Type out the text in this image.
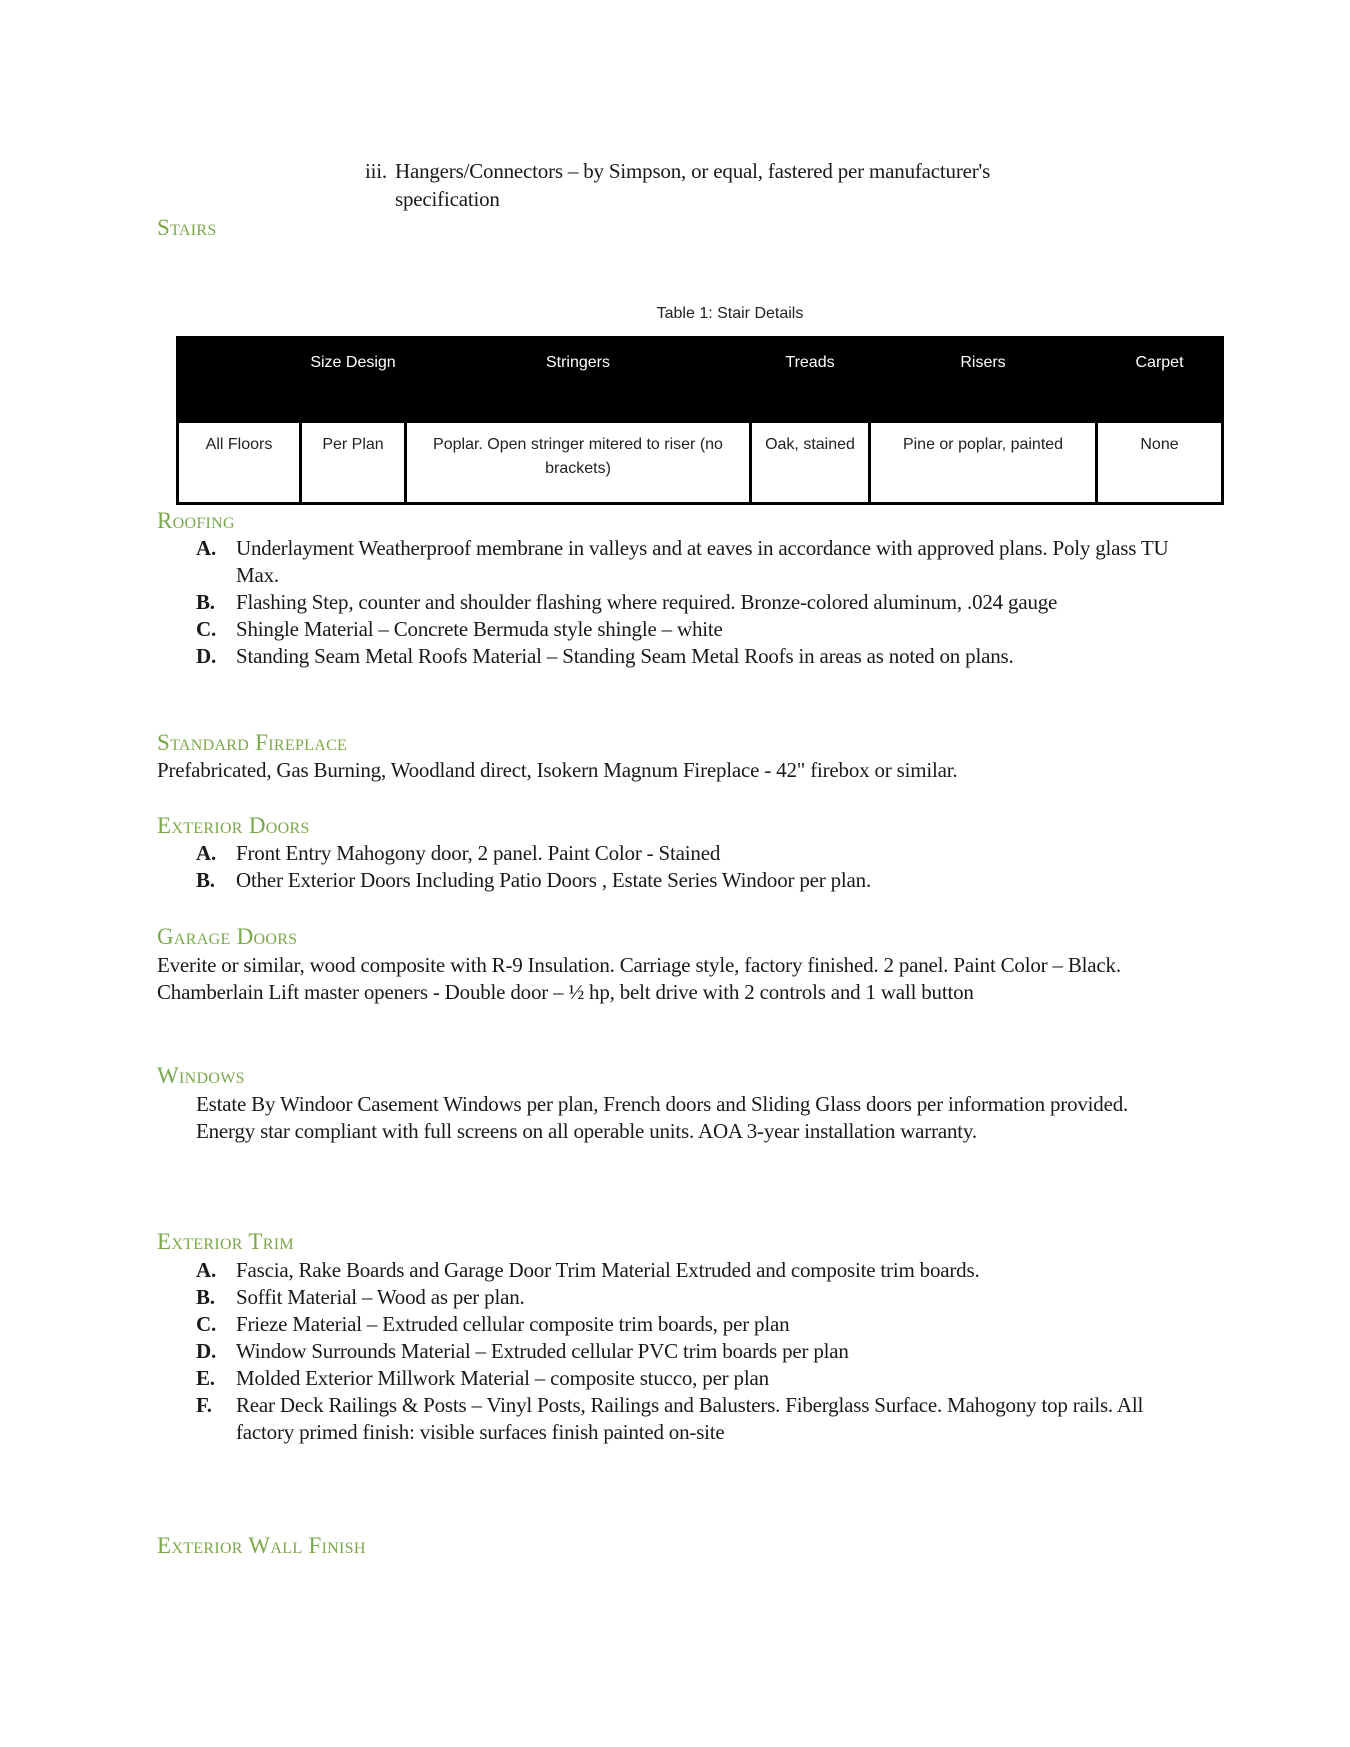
iii. Hangers/Connectors – by Simpson, or equal, fastered per manufacturer's
specification
Stairs
Table 1: Stair Details
	Size Design	Stringers	Treads	Risers	Carpet
All Floors	Per Plan	Poplar. Open stringer mitered to riser (no brackets)	Oak, stained	Pine or poplar, painted	None
Roofing
A. Underlayment Weatherproof membrane in valleys and at eaves in accordance with approved plans. Poly glass TU Max.
B. Flashing Step, counter and shoulder flashing where required. Bronze-colored aluminum, .024 gauge
C. Shingle Material – Concrete Bermuda style shingle – white
D. Standing Seam Metal Roofs Material – Standing Seam Metal Roofs in areas as noted on plans.
Standard Fireplace
Prefabricated, Gas Burning, Woodland direct, Isokern Magnum Fireplace - 42" firebox or similar.
Exterior Doors
A. Front Entry Mahogony door, 2 panel. Paint Color - Stained
B. Other Exterior Doors Including Patio Doors , Estate Series Windoor per plan.
Garage Doors
Everite or similar, wood composite with R-9 Insulation. Carriage style, factory finished. 2 panel. Paint Color – Black. Chamberlain Lift master openers - Double door – ½ hp, belt drive with 2 controls and 1 wall button
Windows
Estate By Windoor Casement Windows per plan, French doors and Sliding Glass doors per information provided. Energy star compliant with full screens on all operable units. AOA 3-year installation warranty.
Exterior Trim
A. Fascia, Rake Boards and Garage Door Trim Material Extruded and composite trim boards.
B. Soffit Material – Wood as per plan.
C. Frieze Material – Extruded cellular composite trim boards, per plan
D. Window Surrounds Material – Extruded cellular PVC trim boards per plan
E. Molded Exterior Millwork Material – composite stucco, per plan
F. Rear Deck Railings & Posts – Vinyl Posts, Railings and Balusters. Fiberglass Surface. Mahogony top rails. All factory primed finish: visible surfaces finish painted on-site
Exterior Wall Finish
